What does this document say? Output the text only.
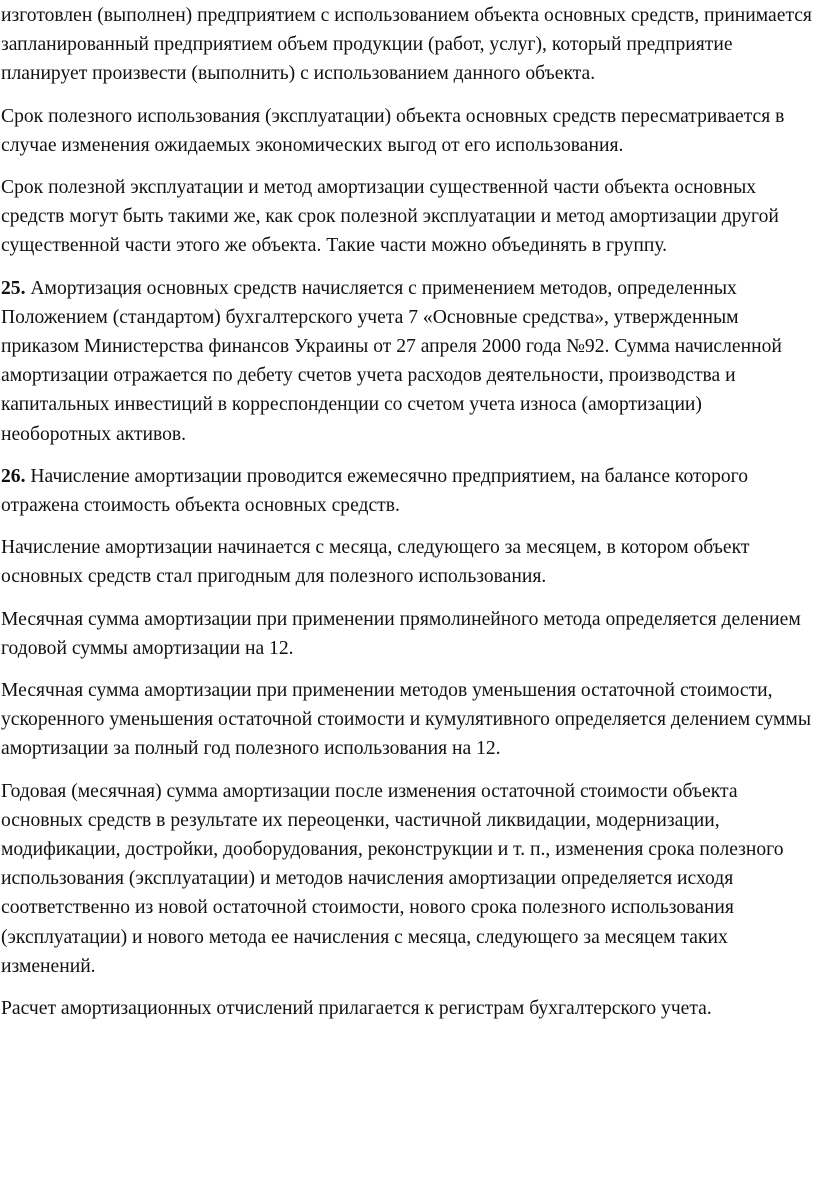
изготовлен (выполнен) предприятием с использованием объекта основных средств, принимается запланированный предприятием объем продукции (работ, услуг), который предприятие планирует произвести (выполнить) с использованием данного объекта.

Срок полезного использования (эксплуатации) объекта основных средств пересматривается в случае изменения ожидаемых экономических выгод от его использования.

Срок полезной эксплуатации и метод амортизации существенной части объекта основных средств могут быть такими же, как срок полезной эксплуатации и метод амортизации другой существенной части этого же объекта. Такие части можно объединять в группу.

25. Амортизация основных средств начисляется с применением методов, определенных Положением (стандартом) бухгалтерского учета 7 «Основные средства», утвержденным приказом Министерства финансов Украины от 27 апреля 2000 года №92. Сумма начисленной амортизации отражается по дебету счетов учета расходов деятельности, производства и капитальных инвестиций в корреспонденции со счетом учета износа (амортизации) необоротных активов.

26. Начисление амортизации проводится ежемесячно предприятием, на балансе которого отражена стоимость объекта основных средств.

Начисление амортизации начинается с месяца, следующего за месяцем, в котором объект основных средств стал пригодным для полезного использования.

Месячная сумма амортизации при применении прямолинейного метода определяется делением годовой суммы амортизации на 12.

Месячная сумма амортизации при применении методов уменьшения остаточной стоимости, ускоренного уменьшения остаточной стоимости и кумулятивного определяется делением суммы амортизации за полный год полезного использования на 12.

Годовая (месячная) сумма амортизации после изменения остаточной стоимости объекта основных средств в результате их переоценки, частичной ликвидации, модернизации, модификации, достройки, дооборудования, реконструкции и т. п., изменения срока полезного использования (эксплуатации) и методов начисления амортизации определяется исходя соответственно из новой остаточной стоимости, нового срока полезного использования (эксплуатации) и нового метода ее начисления с месяца, следующего за месяцем таких изменений.

Расчет амортизационных отчислений прилагается к регистрам бухгалтерского учета.
